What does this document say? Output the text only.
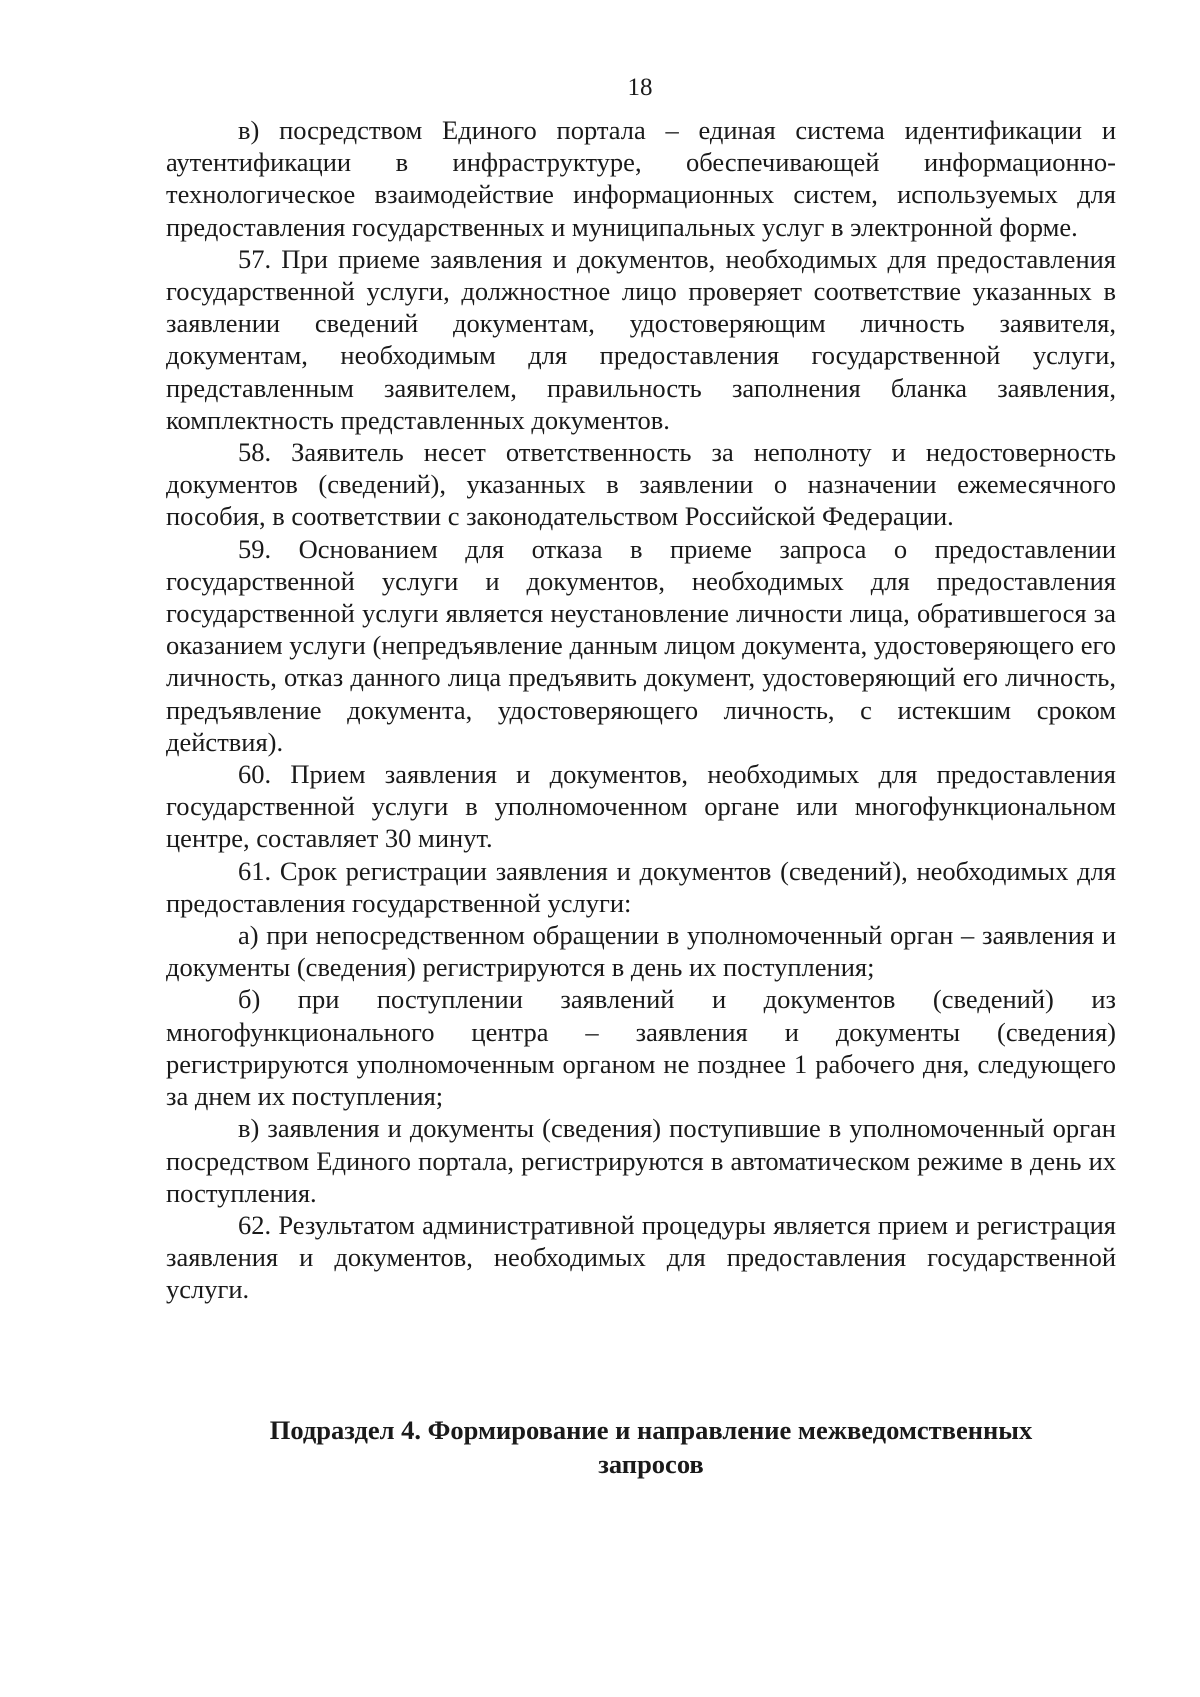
18

в) посредством Единого портала – единая система идентификации и аутентификации в инфраструктуре, обеспечивающей информационно-технологическое взаимодействие информационных систем, используемых для предоставления государственных и муниципальных услуг в электронной форме.

57. При приеме заявления и документов, необходимых для предоставления государственной услуги, должностное лицо проверяет соответствие указанных в заявлении сведений документам, удостоверяющим личность заявителя, документам, необходимым для предоставления государственной услуги, представленным заявителем, правильность заполнения бланка заявления, комплектность представленных документов.

58. Заявитель несет ответственность за неполноту и недостоверность документов (сведений), указанных в заявлении о назначении ежемесячного пособия, в соответствии с законодательством Российской Федерации.

59. Основанием для отказа в приеме запроса о предоставлении государственной услуги и документов, необходимых для предоставления государственной услуги является неустановление личности лица, обратившегося за оказанием услуги (непредъявление данным лицом документа, удостоверяющего его личность, отказ данного лица предъявить документ, удостоверяющий его личность, предъявление документа, удостоверяющего личность, с истекшим сроком действия).

60. Прием заявления и документов, необходимых для предоставления государственной услуги в уполномоченном органе или многофункциональном центре, составляет 30 минут.

61. Срок регистрации заявления и документов (сведений), необходимых для предоставления государственной услуги:

а) при непосредственном обращении в уполномоченный орган – заявления и документы (сведения) регистрируются в день их поступления;

б) при поступлении заявлений и документов (сведений) из многофункционального центра – заявления и документы (сведения) регистрируются уполномоченным органом не позднее 1 рабочего дня, следующего за днем их поступления;

в) заявления и документы (сведения) поступившие в уполномоченный орган посредством Единого портала, регистрируются в автоматическом режиме в день их поступления.

62. Результатом административной процедуры является прием и регистрация заявления и документов, необходимых для предоставления государственной услуги.

Подраздел 4. Формирование и направление межведомственных
запросов
